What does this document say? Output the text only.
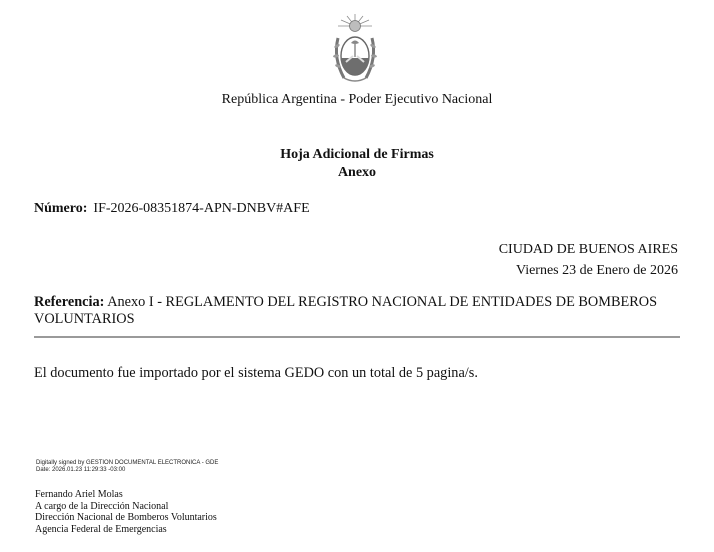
República Argentina - Poder Ejecutivo Nacional
Hoja Adicional de Firmas
Anexo
Número: IF-2026-08351874-APN-DNBV#AFE
CIUDAD DE BUENOS AIRES
Viernes 23 de Enero de 2026
Referencia: Anexo I - REGLAMENTO DEL REGISTRO NACIONAL DE ENTIDADES DE BOMBEROS VOLUNTARIOS
El documento fue importado por el sistema GEDO con un total de 5 pagina/s.
Digitally signed by GESTION DOCUMENTAL ELECTRONICA - GDE
Date: 2026.01.23 11:29:33 -03:00
Fernando Ariel Molas
A cargo de la Dirección Nacional
Dirección Nacional de Bomberos Voluntarios
Agencia Federal de Emergencias
